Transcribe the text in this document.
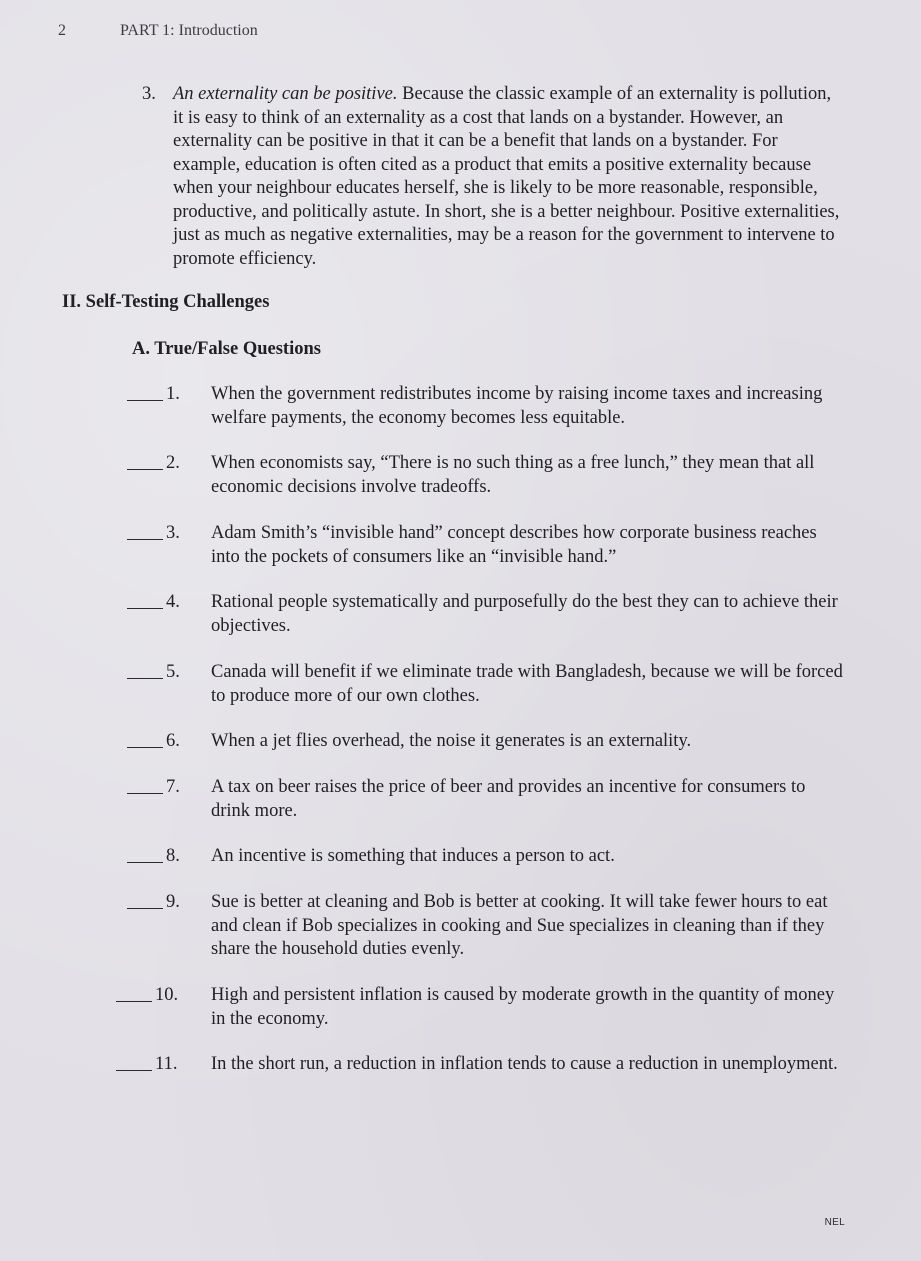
2	PART 1: Introduction
3. An externality can be positive. Because the classic example of an externality is pollution, it is easy to think of an externality as a cost that lands on a bystander. However, an externality can be positive in that it can be a benefit that lands on a bystander. For example, education is often cited as a product that emits a positive externality because when your neighbour educates herself, she is likely to be more reasonable, responsible, productive, and politically astute. In short, she is a better neighbour. Positive externalities, just as much as negative externalities, may be a reason for the government to intervene to promote efficiency.
II. Self-Testing Challenges
A. True/False Questions
1. When the government redistributes income by raising income taxes and increasing welfare payments, the economy becomes less equitable.
2. When economists say, “There is no such thing as a free lunch,” they mean that all economic decisions involve tradeoffs.
3. Adam Smith’s “invisible hand” concept describes how corporate business reaches into the pockets of consumers like an “invisible hand.”
4. Rational people systematically and purposefully do the best they can to achieve their objectives.
5. Canada will benefit if we eliminate trade with Bangladesh, because we will be forced to produce more of our own clothes.
6. When a jet flies overhead, the noise it generates is an externality.
7. A tax on beer raises the price of beer and provides an incentive for consumers to drink more.
8. An incentive is something that induces a person to act.
9. Sue is better at cleaning and Bob is better at cooking. It will take fewer hours to eat and clean if Bob specializes in cooking and Sue specializes in cleaning than if they share the household duties evenly.
10. High and persistent inflation is caused by moderate growth in the quantity of money in the economy.
11. In the short run, a reduction in inflation tends to cause a reduction in unemployment.
NEL
